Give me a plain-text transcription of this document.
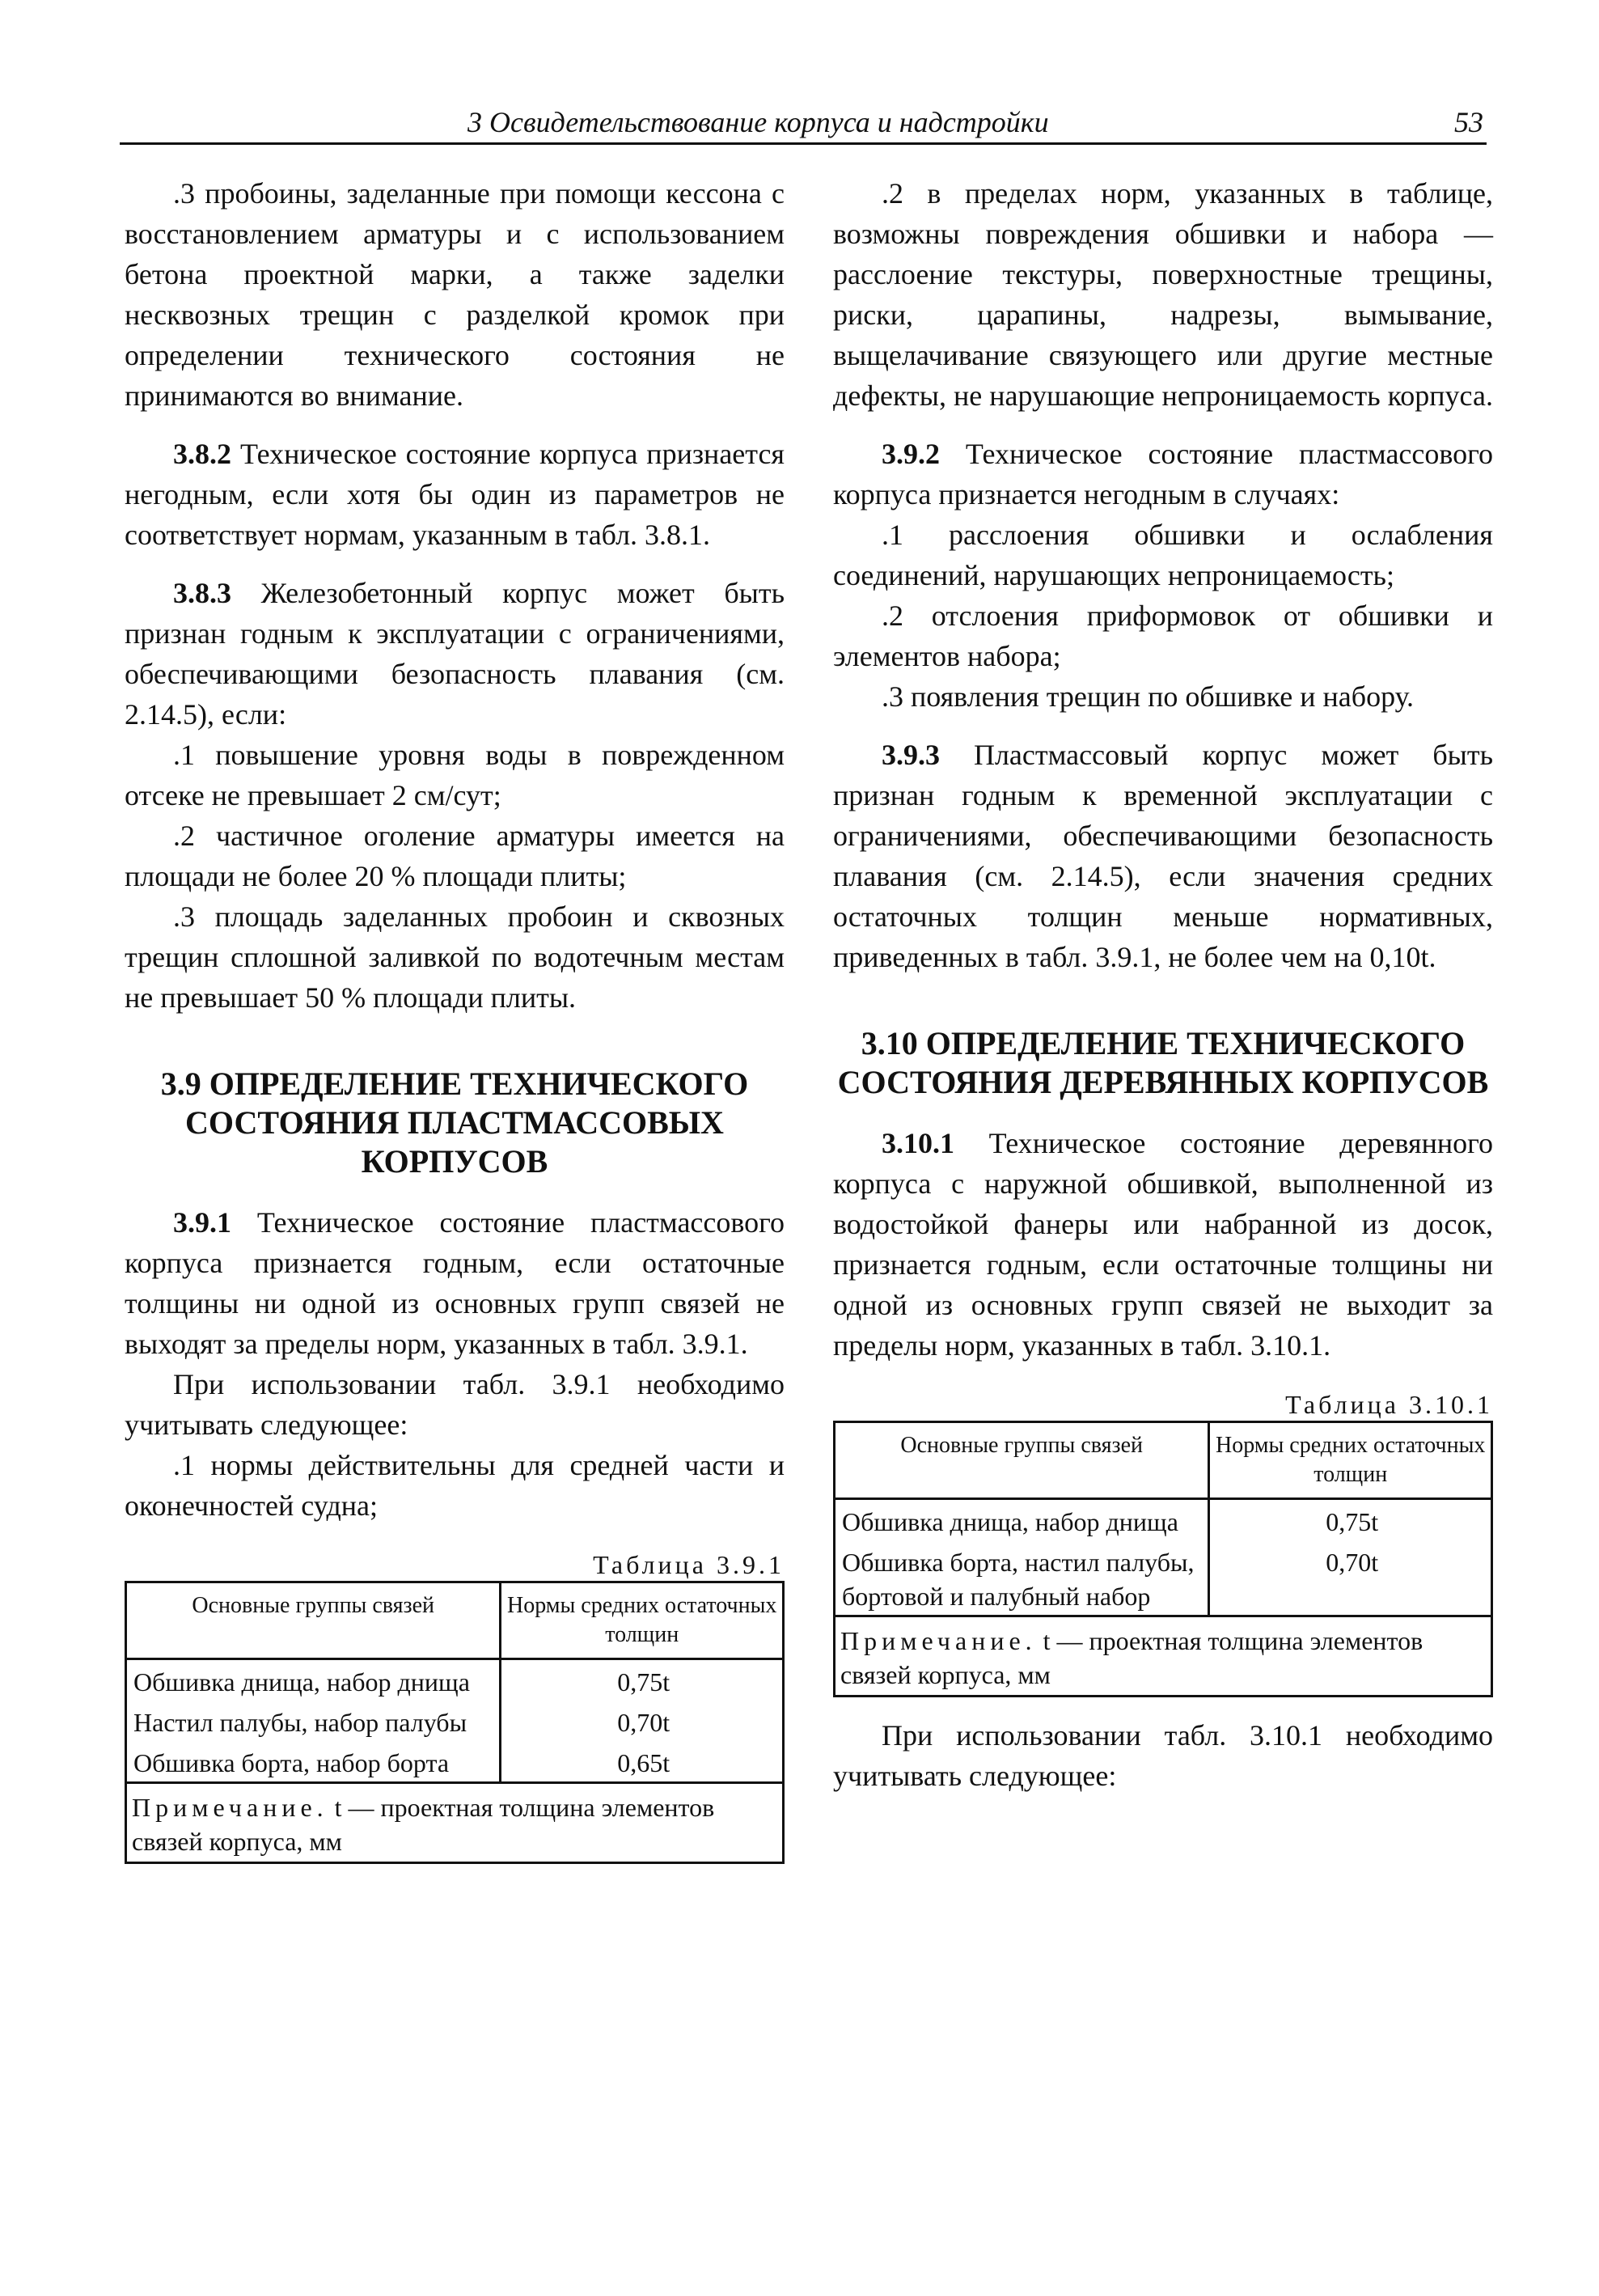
3 Освидетельствование корпуса и надстройки	53

.3 пробоины, заделанные при помощи кессона с восстановлением арматуры и с использованием бетона проектной марки, а также заделки несквозных трещин с разделкой кромок при определении технического состояния не принимаются во внимание.

3.8.2 Техническое состояние корпуса признается негодным, если хотя бы один из параметров не соответствует нормам, указанным в табл. 3.8.1.

3.8.3 Железобетонный корпус может быть признан годным к эксплуатации с ограничениями, обеспечивающими безопасность плавания (см. 2.14.5), если:

.1 повышение уровня воды в поврежденном отсеке не превышает 2 см/сут;

.2 частичное оголение арматуры имеется на площади не более 20 % площади плиты;

.3 площадь заделанных пробоин и сквозных трещин сплошной заливкой по водотечным местам не превышает 50 % площади плиты.

3.9 ОПРЕДЕЛЕНИЕ ТЕХНИЧЕСКОГО СОСТОЯНИЯ ПЛАСТМАССОВЫХ КОРПУСОВ

3.9.1 Техническое состояние пластмассового корпуса признается годным, если остаточные толщины ни одной из основных групп связей не выходят за пределы норм, указанных в табл. 3.9.1.

При использовании табл. 3.9.1 необходимо учитывать следующее:

.1 нормы действительны для средней части и оконечностей судна;

Таблица 3.9.1
Основные группы связей	Нормы средних остаточных толщин
Обшивка днища, набор днища	0,75t
Настил палубы, набор палубы	0,70t
Обшивка борта, набор борта	0,65t
Примечание. t — проектная толщина элементов связей корпуса, мм	

.2 в пределах норм, указанных в таблице, возможны повреждения обшивки и набора — расслоение текстуры, поверхностные трещины, риски, царапины, надрезы, вымывание, выщелачивание связующего или другие местные дефекты, не нарушающие непроницаемость корпуса.

3.9.2 Техническое состояние пластмассового корпуса признается негодным в случаях:

.1 расслоения обшивки и ослабления соединений, нарушающих непроницаемость;

.2 отслоения приформовок от обшивки и элементов набора;

.3 появления трещин по обшивке и набору.

3.9.3 Пластмассовый корпус может быть признан годным к временной эксплуатации с ограничениями, обеспечивающими безопасность плавания (см. 2.14.5), если значения средних остаточных толщин меньше нормативных, приведенных в табл. 3.9.1, не более чем на 0,10t.

3.10 ОПРЕДЕЛЕНИЕ ТЕХНИЧЕСКОГО СОСТОЯНИЯ ДЕРЕВЯННЫХ КОРПУСОВ

3.10.1 Техническое состояние деревянного корпуса с наружной обшивкой, выполненной из водостойкой фанеры или набранной из досок, признается годным, если остаточные толщины ни одной из основных групп связей не выходит за пределы норм, указанных в табл. 3.10.1.

Таблица 3.10.1
Основные группы связей	Нормы средних остаточных толщин
Обшивка днища, набор днища	0,75t
Обшивка борта, настил палубы, бортовой и палубный набор	0,70t
Примечание. t — проектная толщина элементов связей корпуса, мм	

При использовании табл. 3.10.1 необходимо учитывать следующее:
